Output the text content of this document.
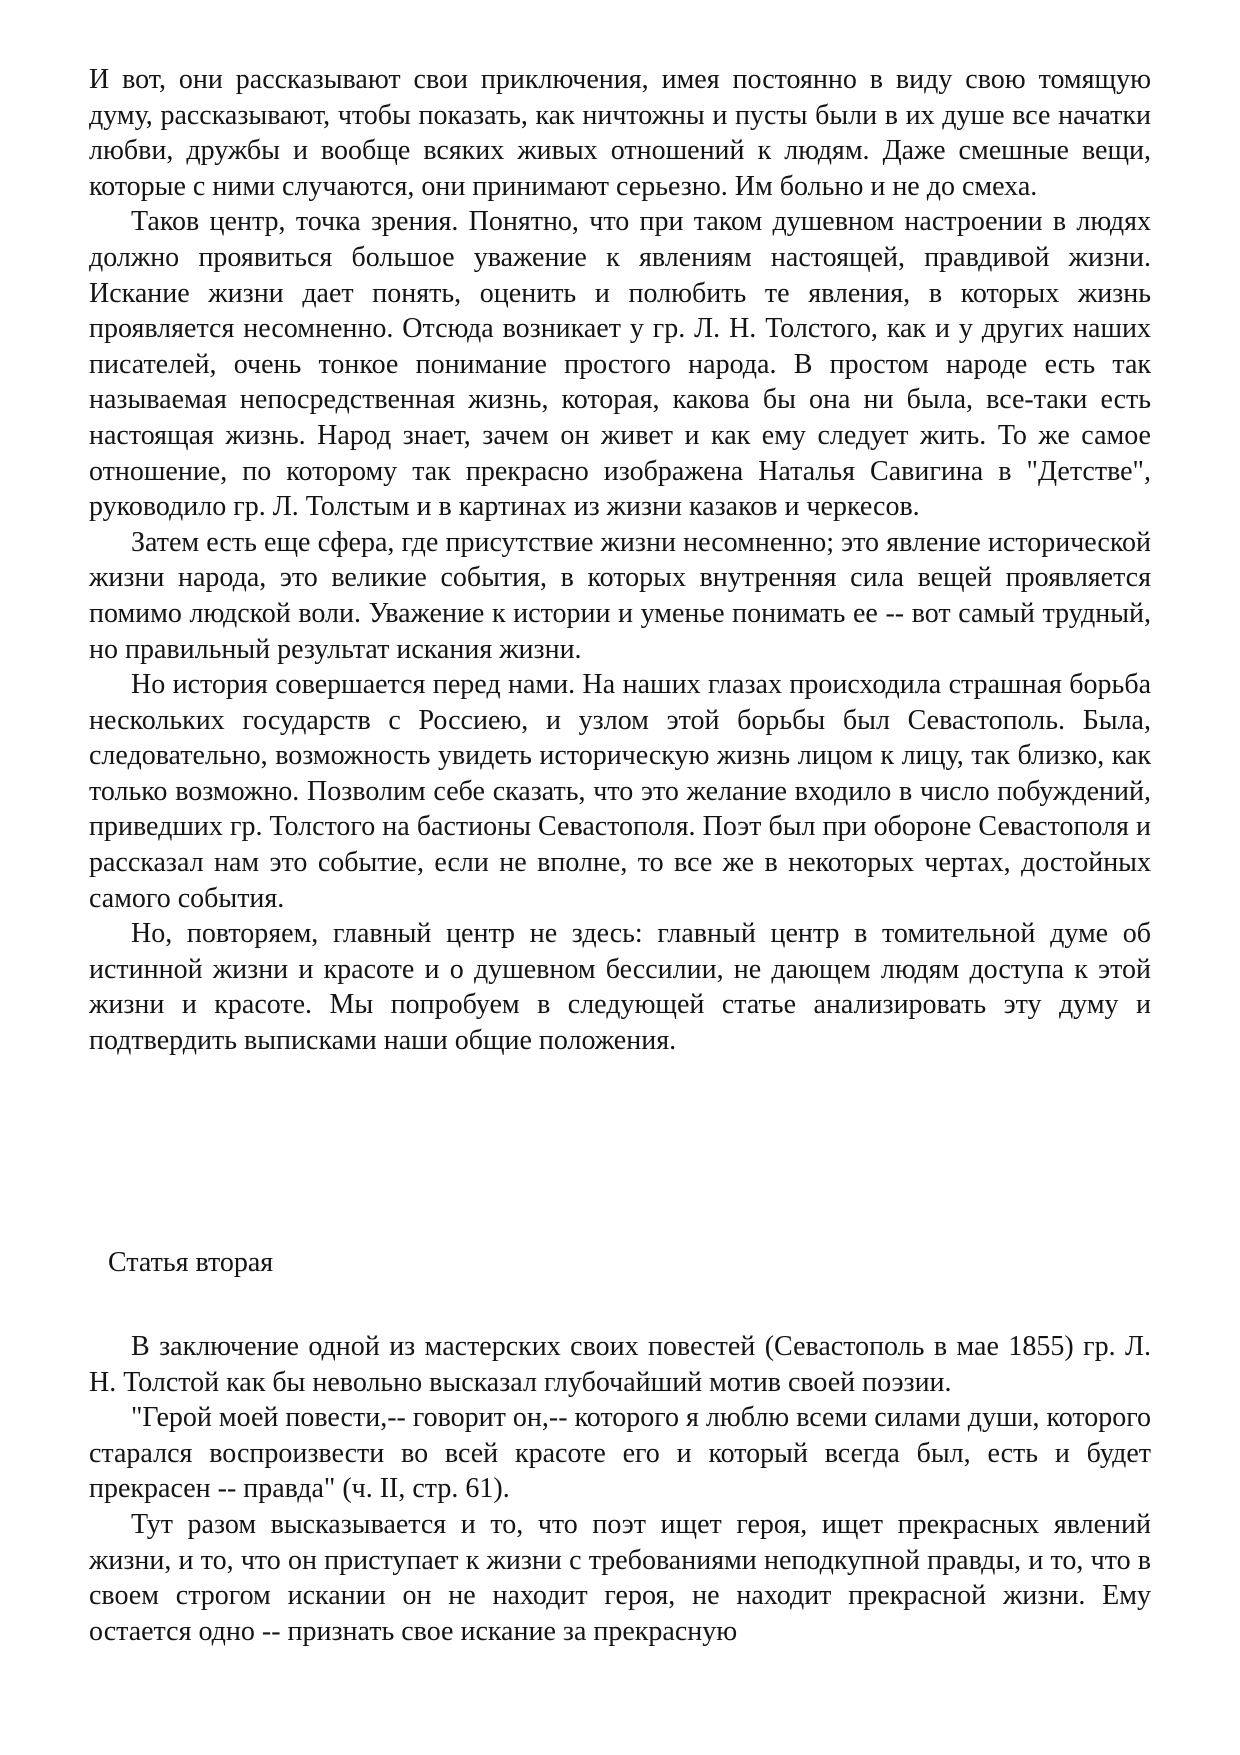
И вот, они рассказывают свои приключения, имея постоянно в виду свою томящую думу, рассказывают, чтобы показать, как ничтожны и пусты были в их душе все начатки любви, дружбы и вообще всяких живых отношений к людям. Даже смешные вещи, которые с ними случаются, они принимают серьезно. Им больно и не до смеха.

Таков центр, точка зрения. Понятно, что при таком душевном настроении в людях должно проявиться большое уважение к явлениям настоящей, правдивой жизни. Искание жизни дает понять, оценить и полюбить те явления, в которых жизнь проявляется несомненно. Отсюда возникает у гр. Л. Н. Толстого, как и у других наших писателей, очень тонкое понимание простого народа. В простом народе есть так называемая непосредственная жизнь, которая, какова бы она ни была, все-таки есть настоящая жизнь. Народ знает, зачем он живет и как ему следует жить. То же самое отношение, по которому так прекрасно изображена Наталья Савигина в "Детстве", руководило гр. Л. Толстым и в картинах из жизни казаков и черкесов.

Затем есть еще сфера, где присутствие жизни несомненно; это явление исторической жизни народа, это великие события, в которых внутренняя сила вещей проявляется помимо людской воли. Уважение к истории и уменье понимать ее -- вот самый трудный, но правильный результат искания жизни.

Но история совершается перед нами. На наших глазах происходила страшная борьба нескольких государств с Россиею, и узлом этой борьбы был Севастополь. Была, следовательно, возможность увидеть историческую жизнь лицом к лицу, так близко, как только возможно. Позволим себе сказать, что это желание входило в число побуждений, приведших гр. Толстого на бастионы Севастополя. Поэт был при обороне Севастополя и рассказал нам это событие, если не вполне, то все же в некоторых чертах, достойных самого события.

Но, повторяем, главный центр не здесь: главный центр в томительной думе об истинной жизни и красоте и о душевном бессилии, не дающем людям доступа к этой жизни и красоте. Мы попробуем в следующей статье анализировать эту думу и подтвердить выписками наши общие положения.

Статья вторая

В заключение одной из мастерских своих повестей (Севастополь в мае 1855) гр. Л. Н. Толстой как бы невольно высказал глубочайший мотив своей поэзии.

"Герой моей повести,-- говорит он,-- которого я люблю всеми силами души, которого старался воспроизвести во всей красоте его и который всегда был, есть и будет прекрасен -- правда" (ч. II, стр. 61).

Тут разом высказывается и то, что поэт ищет героя, ищет прекрасных явлений жизни, и то, что он приступает к жизни с требованиями неподкупной правды, и то, что в своем строгом искании он не находит героя, не находит прекрасной жизни. Ему остается одно -- признать свое искание за прекрасную
